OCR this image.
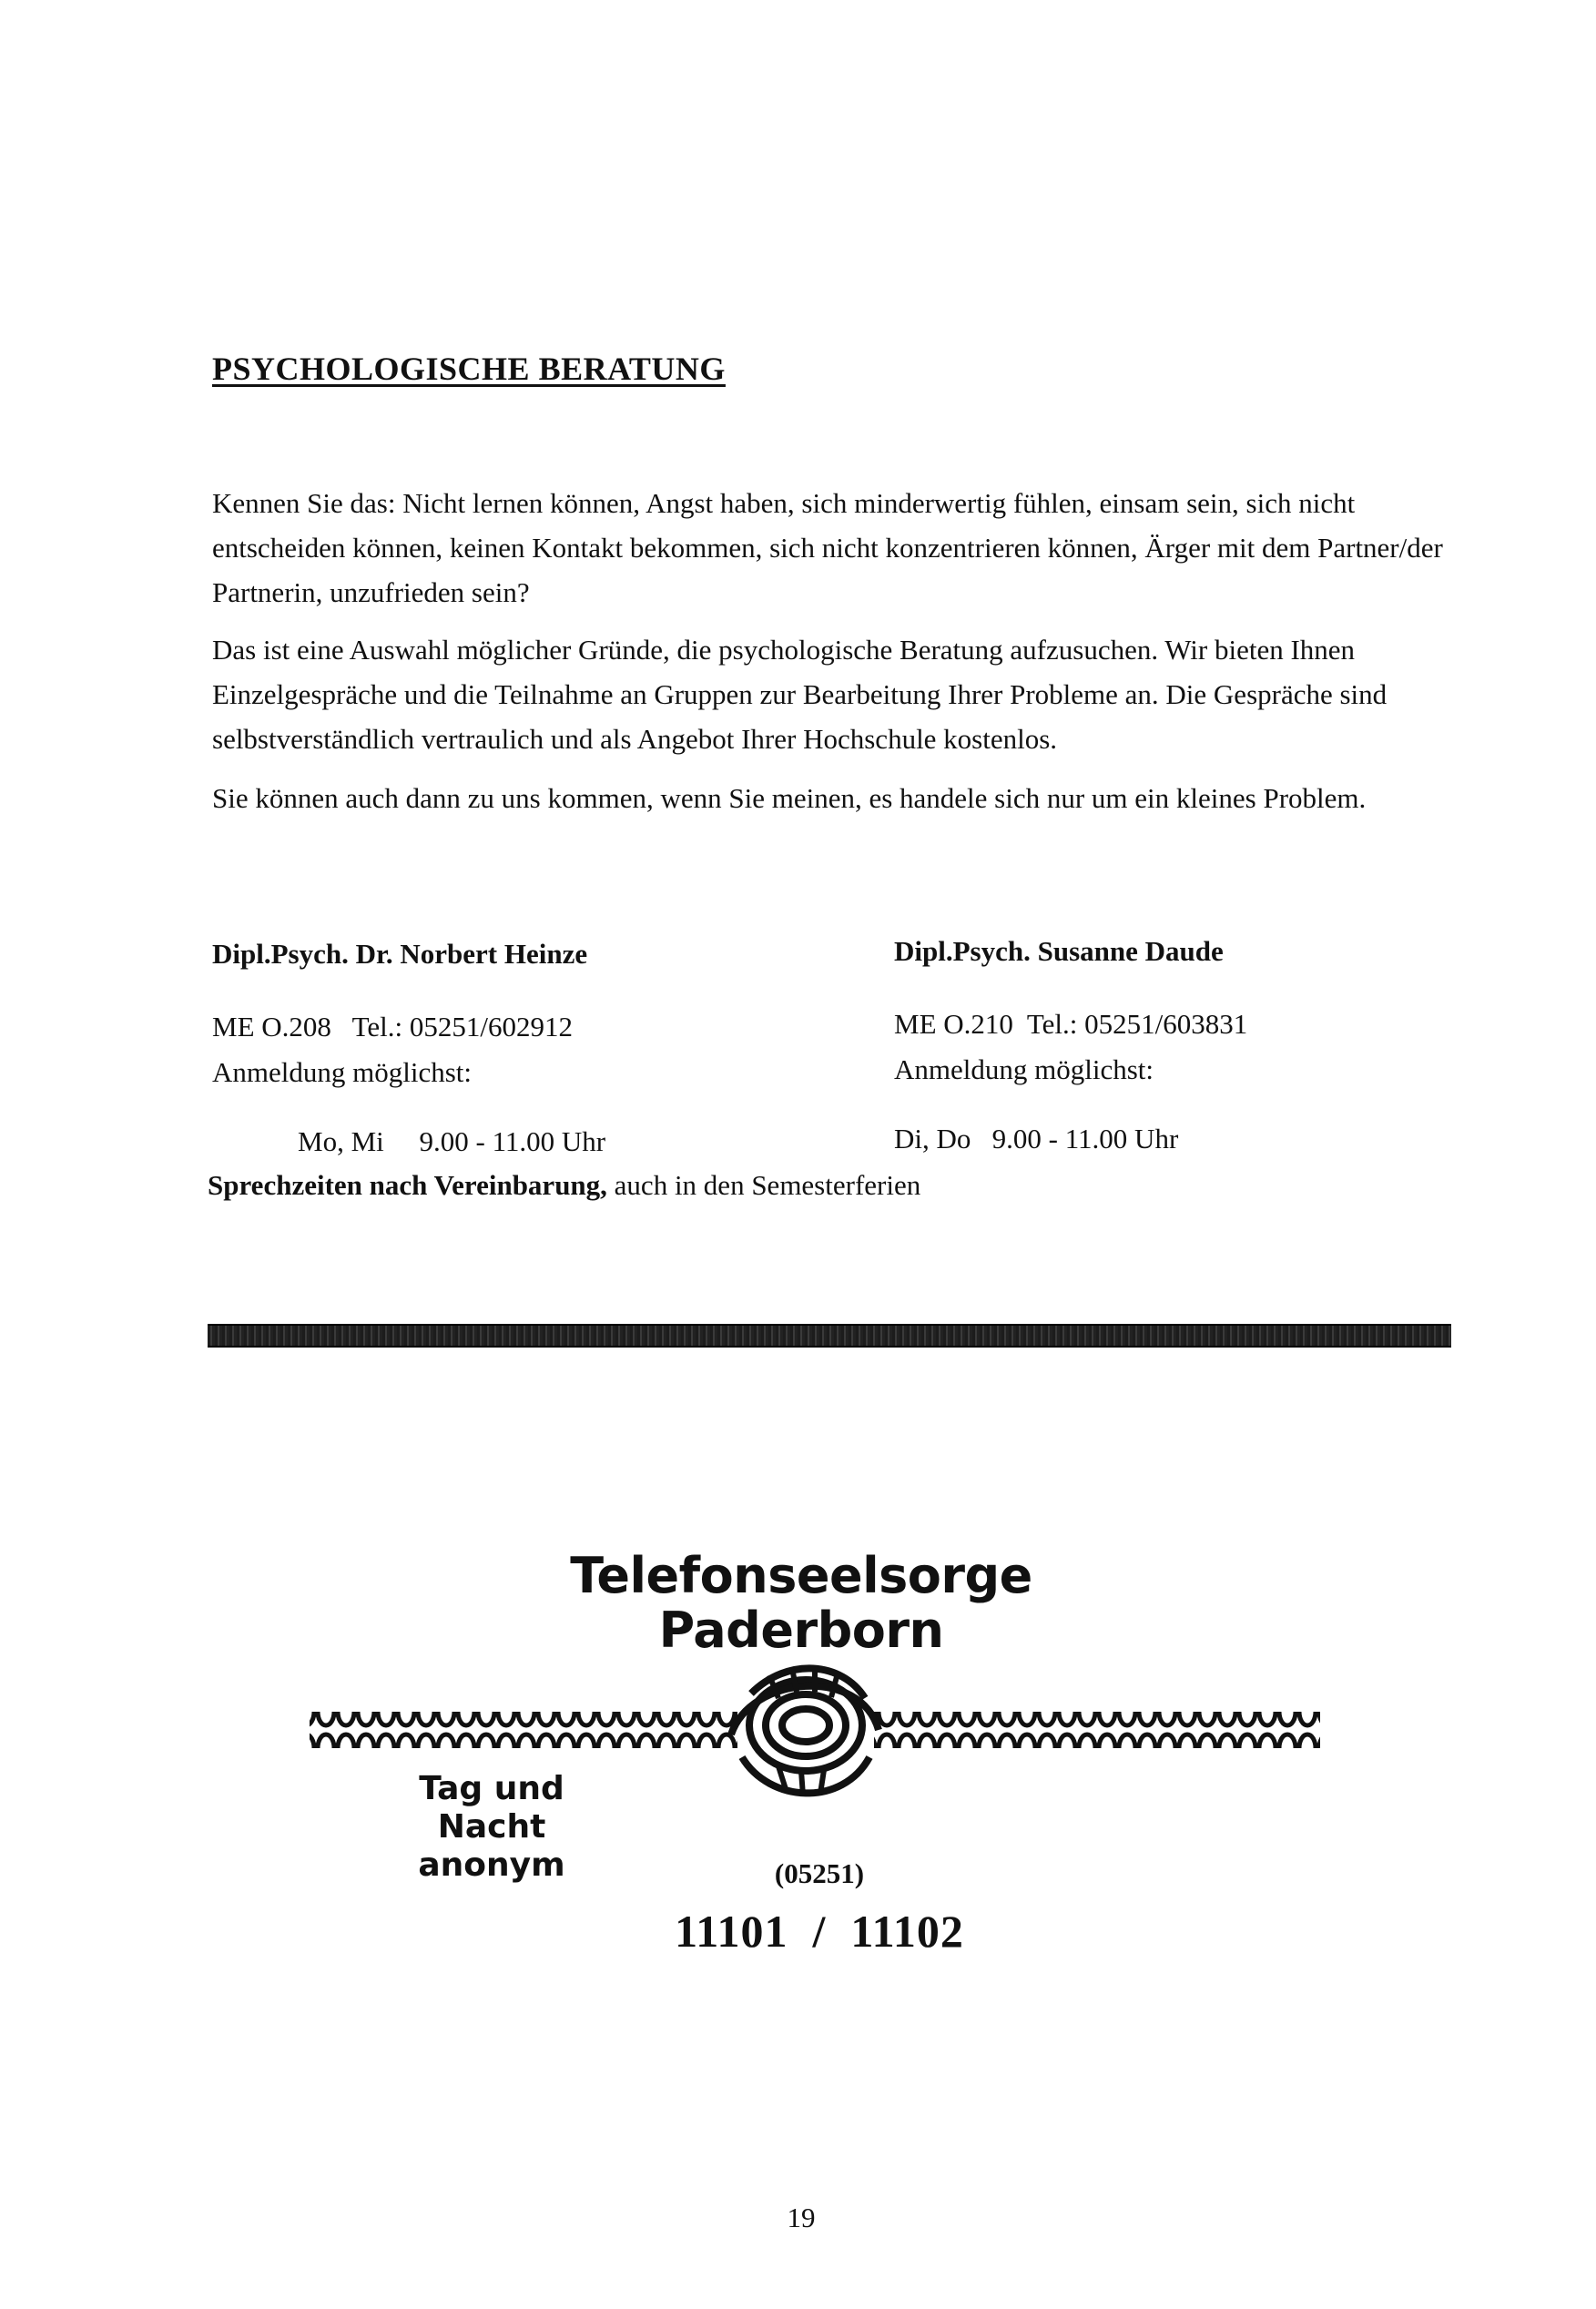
PSYCHOLOGISCHE BERATUNG

Kennen Sie das: Nicht lernen können, Angst haben, sich minderwertig fühlen, einsam sein, sich nicht entscheiden können, keinen Kontakt bekommen, sich nicht konzentrieren können, Ärger mit dem Partner/der Partnerin, unzufrieden sein?

Das ist eine Auswahl möglicher Gründe, die psychologische Beratung aufzusuchen. Wir bieten Ihnen Einzelgespräche und die Teilnahme an Gruppen zur Bearbeitung Ihrer Probleme an. Die Gespräche sind selbstverständlich vertraulich und als Angebot Ihrer Hochschule kostenlos.

Sie können auch dann zu uns kommen, wenn Sie meinen, es handele sich nur um ein kleines Problem.

Dipl.Psych. Dr. Norbert Heinze
ME O.208   Tel.: 05251/602912
Anmeldung möglichst:
Mo, Mi     9.00 - 11.00 Uhr
Dipl.Psych. Susanne Daude
ME O.210  Tel.: 05251/603831
Anmeldung möglichst:
Di, Do   9.00 - 11.00 Uhr
Sprechzeiten nach Vereinbarung, auch in den Semesterferien
Telefonseelsorge
Paderborn
Tag und Nacht
anonym	(05251)
11101  /  11102
19
